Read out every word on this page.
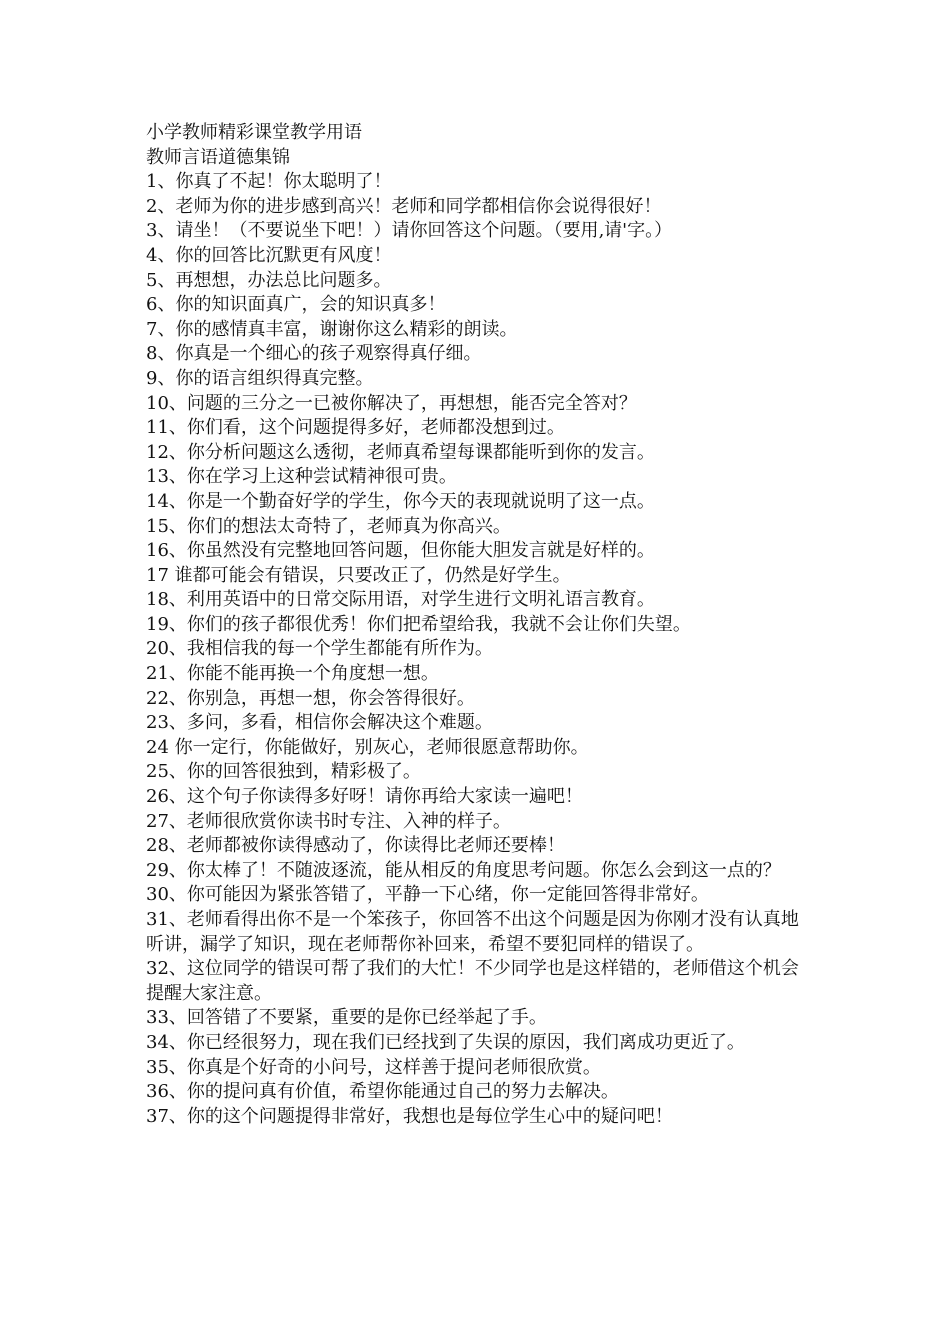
小学教师精彩课堂教学用语

教师言语道德集锦

1、你真了不起！你太聪明了！

2、老师为你的进步感到高兴！老师和同学都相信你会说得很好！

3、请坐！（不要说坐下吧！）请你回答这个问题。（要用‚请'字。）

4、你的回答比沉默更有风度！

5、再想想，办法总比问题多。

6、你的知识面真广，会的知识真多！

7、你的感情真丰富，谢谢你这么精彩的朗读。

8、你真是一个细心的孩子观察得真仔细。

9、你的语言组织得真完整。

10、问题的三分之一已被你解决了，再想想，能否完全答对？

11、你们看，这个问题提得多好，老师都没想到过。

12、你分析问题这么透彻，老师真希望每课都能听到你的发言。

13、你在学习上这种尝试精神很可贵。

14、你是一个勤奋好学的学生，你今天的表现就说明了这一点。

15、你们的想法太奇特了，老师真为你高兴。

16、你虽然没有完整地回答问题，但你能大胆发言就是好样的。

17 谁都可能会有错误，只要改正了，仍然是好学生。

18、利用英语中的日常交际用语，对学生进行文明礼语言教育。

19、你们的孩子都很优秀！你们把希望给我，我就不会让你们失望。

20、我相信我的每一个学生都能有所作为。

21、你能不能再换一个角度想一想。

22、你别急，再想一想，你会答得很好。

23、多问，多看，相信你会解决这个难题。

24 你一定行，你能做好，别灰心，老师很愿意帮助你。

25、你的回答很独到，精彩极了。

26、这个句子你读得多好呀！请你再给大家读一遍吧！

27、老师很欣赏你读书时专注、入神的样子。

28、老师都被你读得感动了，你读得比老师还要棒！

29、你太棒了！不随波逐流，能从相反的角度思考问题。你怎么会到这一点的？

30、你可能因为紧张答错了，平静一下心绪，你一定能回答得非常好。

31、老师看得出你不是一个笨孩子，你回答不出这个问题是因为你刚才没有认真地听讲，漏学了知识，现在老师帮你补回来，希望不要犯同样的错误了。

32、这位同学的错误可帮了我们的大忙！不少同学也是这样错的，老师借这个机会提醒大家注意。

33、回答错了不要紧，重要的是你已经举起了手。

34、你已经很努力，现在我们已经找到了失误的原因，我们离成功更近了。

35、你真是个好奇的小问号，这样善于提问老师很欣赏。

36、你的提问真有价值，希望你能通过自己的努力去解决。

37、你的这个问题提得非常好，我想也是每位学生心中的疑问吧！
